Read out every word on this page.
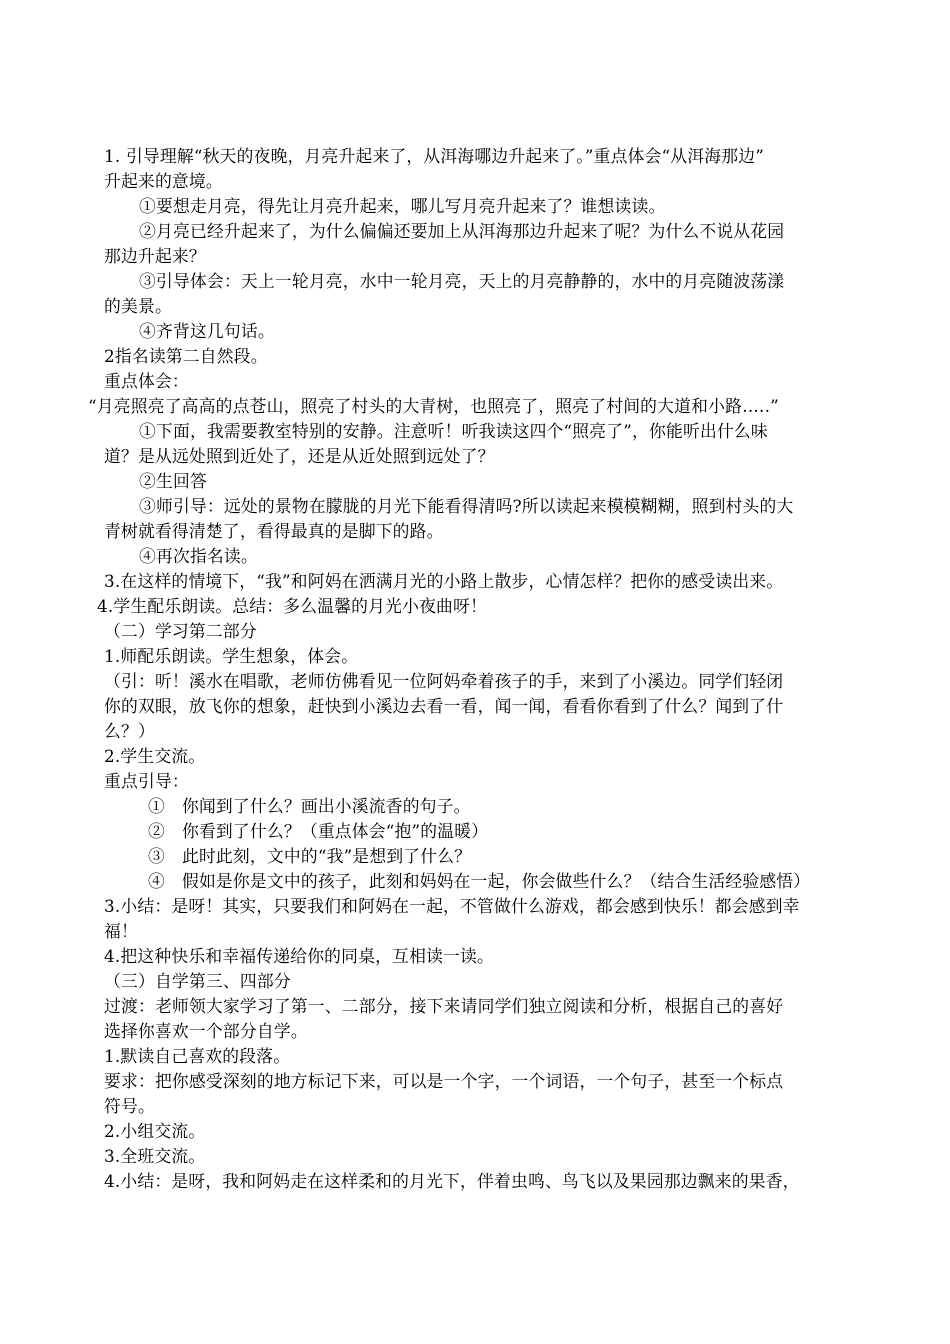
1. 引导理解“秋天的夜晚，月亮升起来了，从洱海哪边升起来了。”重点体会“从洱海那边”
升起来的意境。
①要想走月亮，得先让月亮升起来，哪儿写月亮升起来了？谁想读读。
②月亮已经升起来了，为什么偏偏还要加上从洱海那边升起来了呢？为什么不说从花园
那边升起来？
③引导体会：天上一轮月亮，水中一轮月亮，天上的月亮静静的，水中的月亮随波荡漾
的美景。
④齐背这几句话。
2指名读第二自然段。
重点体会：
“月亮照亮了高高的点苍山，照亮了村头的大青树，也照亮了，照亮了村间的大道和小路…..”
①下面，我需要教室特别的安静。注意听！听我读这四个“照亮了”，你能听出什么味
道？是从远处照到近处了，还是从近处照到远处了？
②生回答
③师引导：远处的景物在朦胧的月光下能看得清吗?所以读起来模模糊糊，照到村头的大
青树就看得清楚了，看得最真的是脚下的路。
④再次指名读。
3.在这样的情境下，“我”和阿妈在洒满月光的小路上散步，心情怎样？把你的感受读出来。
4.学生配乐朗读。总结：多么温馨的月光小夜曲呀！
（二）学习第二部分
1.师配乐朗读。学生想象，体会。
（引：听！溪水在唱歌，老师仿佛看见一位阿妈牵着孩子的手，来到了小溪边。同学们轻闭
你的双眼，放飞你的想象，赶快到小溪边去看一看，闻一闻，看看你看到了什么？闻到了什
么？）
2.学生交流。
重点引导：
①　你闻到了什么？画出小溪流香的句子。
②　你看到了什么？（重点体会“抱”的温暖）
③　此时此刻，文中的“我”是想到了什么？
④　假如是你是文中的孩子，此刻和妈妈在一起，你会做些什么？（结合生活经验感悟）
3.小结：是呀！其实，只要我们和阿妈在一起，不管做什么游戏，都会感到快乐！都会感到幸
福！
4.把这种快乐和幸福传递给你的同桌，互相读一读。
（三）自学第三、四部分
过渡：老师领大家学习了第一、二部分，接下来请同学们独立阅读和分析，根据自己的喜好
选择你喜欢一个部分自学。
1.默读自己喜欢的段落。
要求：把你感受深刻的地方标记下来，可以是一个字，一个词语，一个句子，甚至一个标点
符号。
2.小组交流。
3.全班交流。
4.小结：是呀，我和阿妈走在这样柔和的月光下，伴着虫鸣、鸟飞以及果园那边飘来的果香，
